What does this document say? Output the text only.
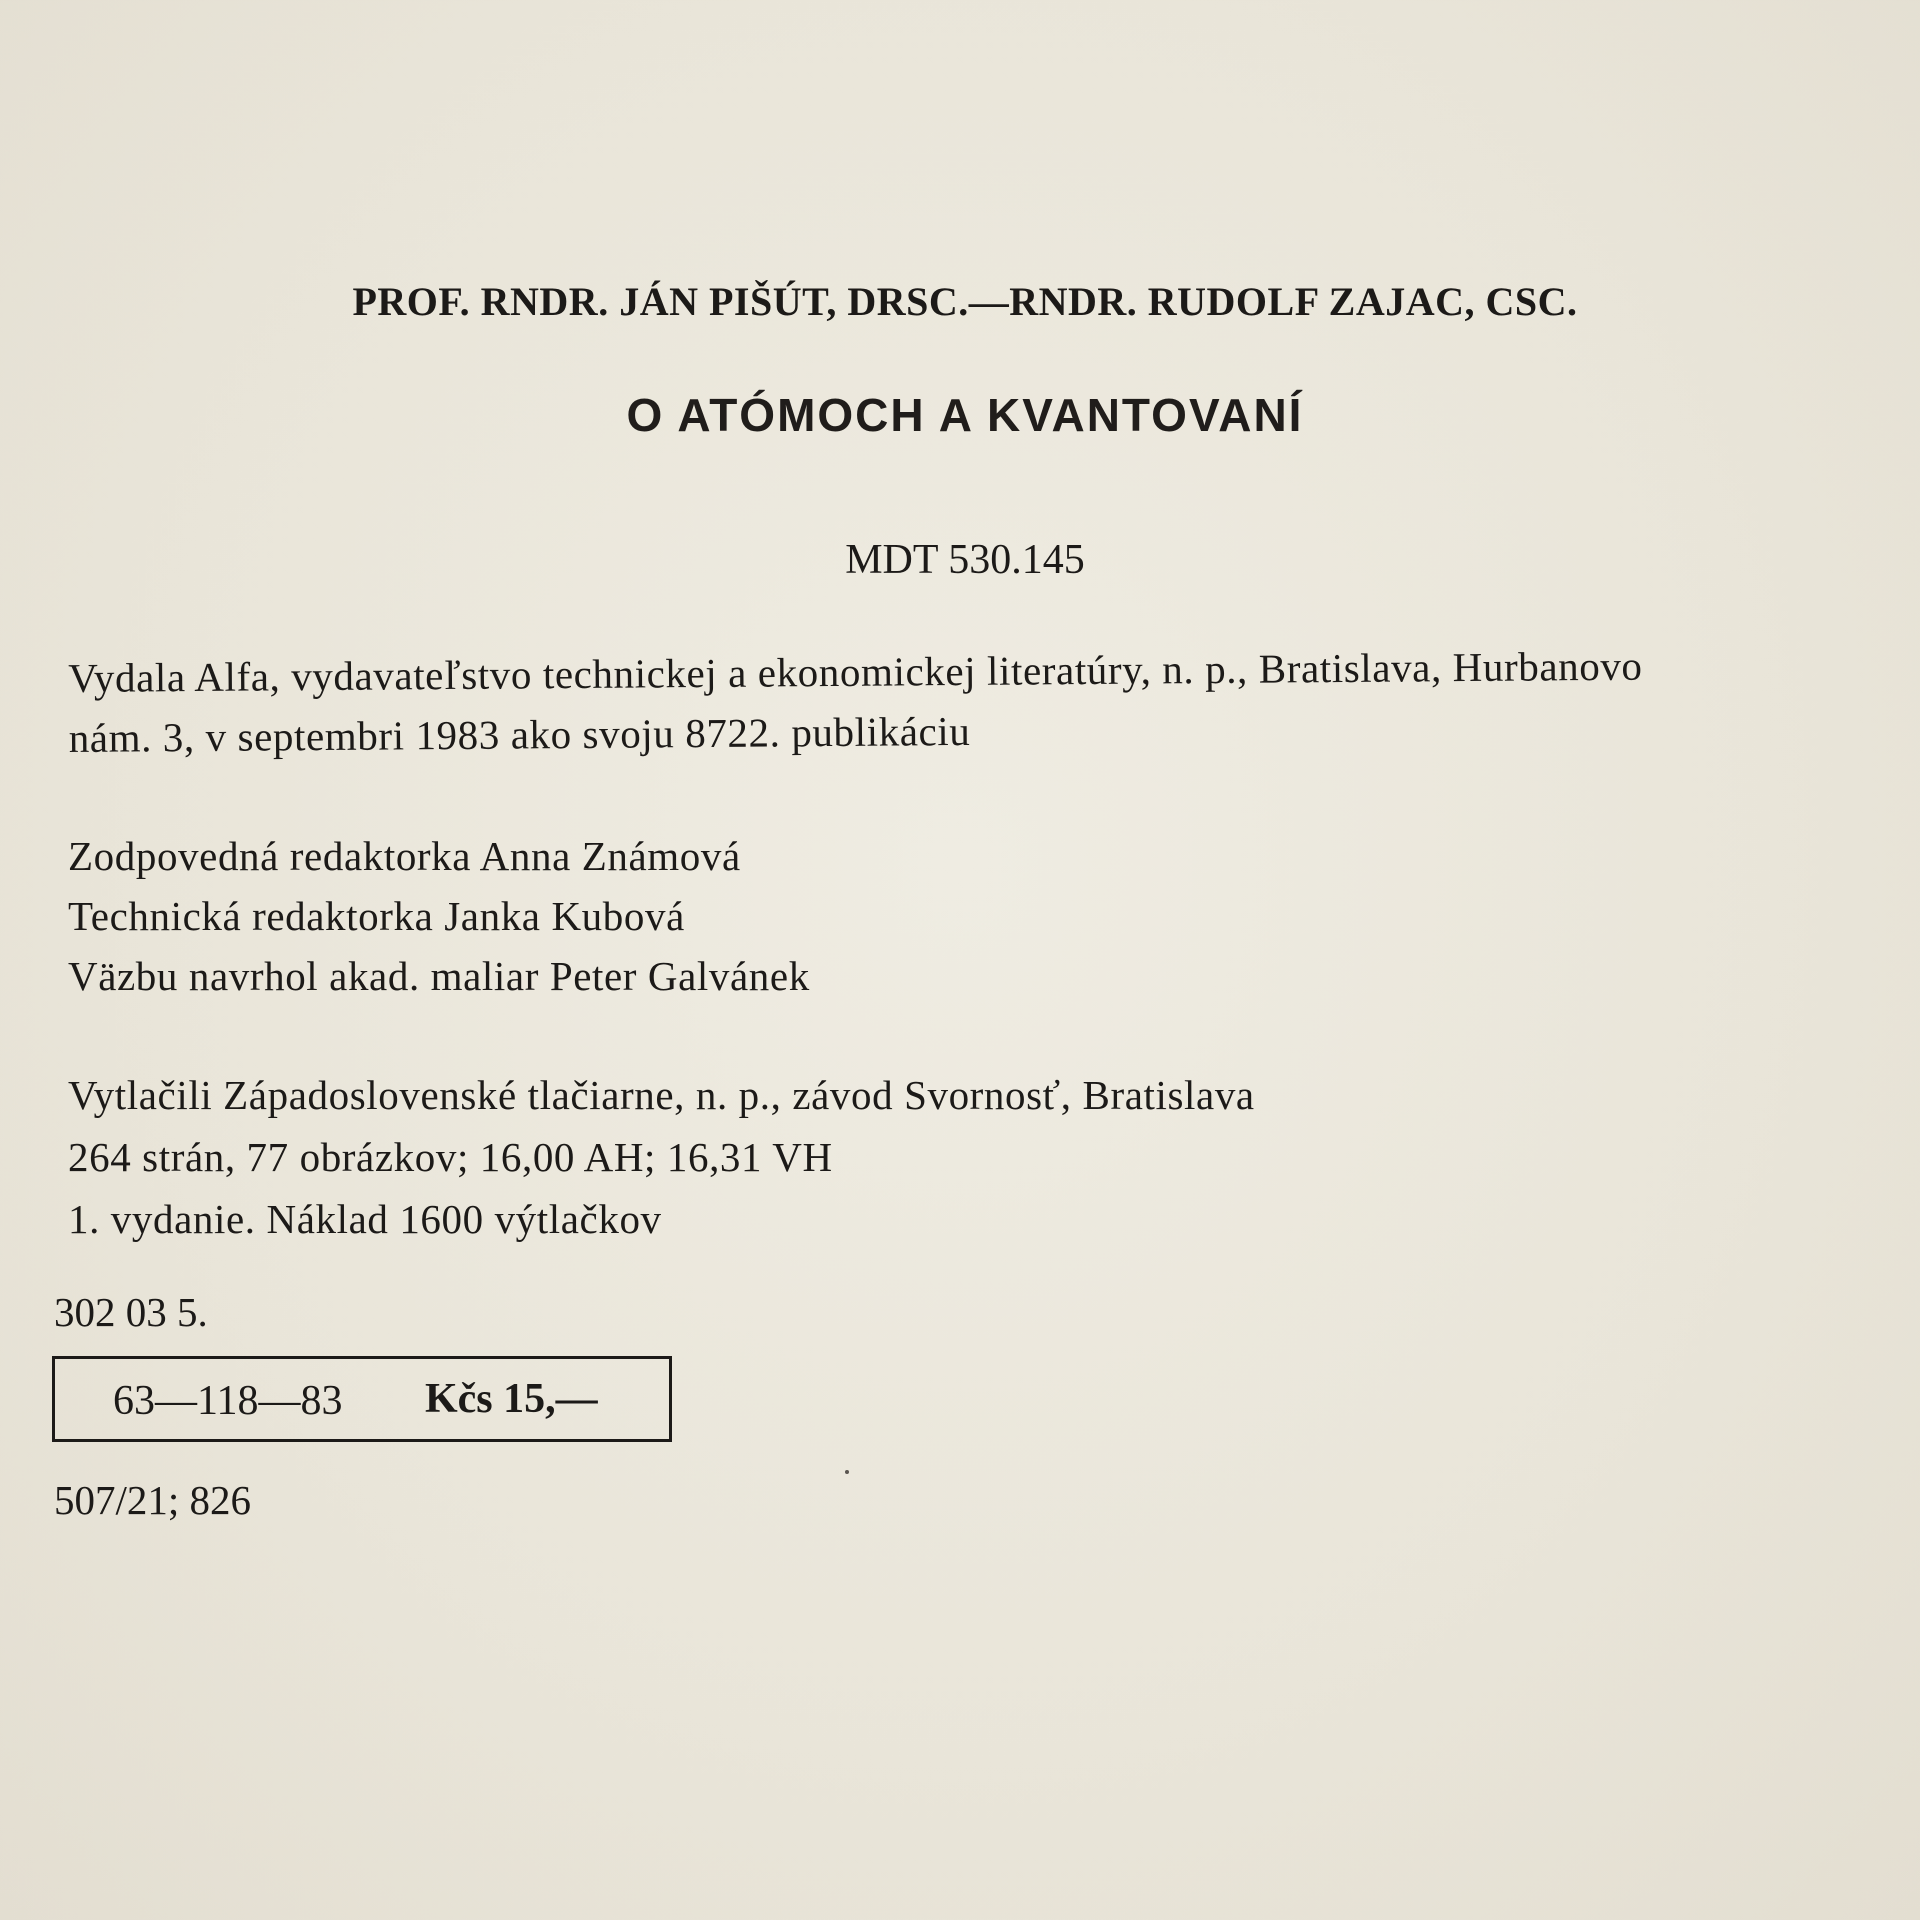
PROF. RNDR. JÁN PIŠÚT, DRSC.—RNDR. RUDOLF ZAJAC, CSC.
O ATÓMOCH A KVANTOVANÍ
MDT 530.145
Vydala Alfa, vydavateľstvo technickej a ekonomickej literatúry, n. p., Bratislava, Hurbanovo
nám. 3, v septembri 1983 ako svoju 8722. publikáciu
Zodpovedná redaktorka Anna Známová
Technická redaktorka Janka Kubová
Väzbu navrhol akad. maliar Peter Galvánek
Vytlačili Západoslovenské tlačiarne, n. p., závod Svornosť, Bratislava
264 strán, 77 obrázkov; 16,00 AH; 16,31 VH
1. vydanie. Náklad 1600 výtlačkov
302 03 5.
63—118—83 Kčs 15,—
507/21; 826
